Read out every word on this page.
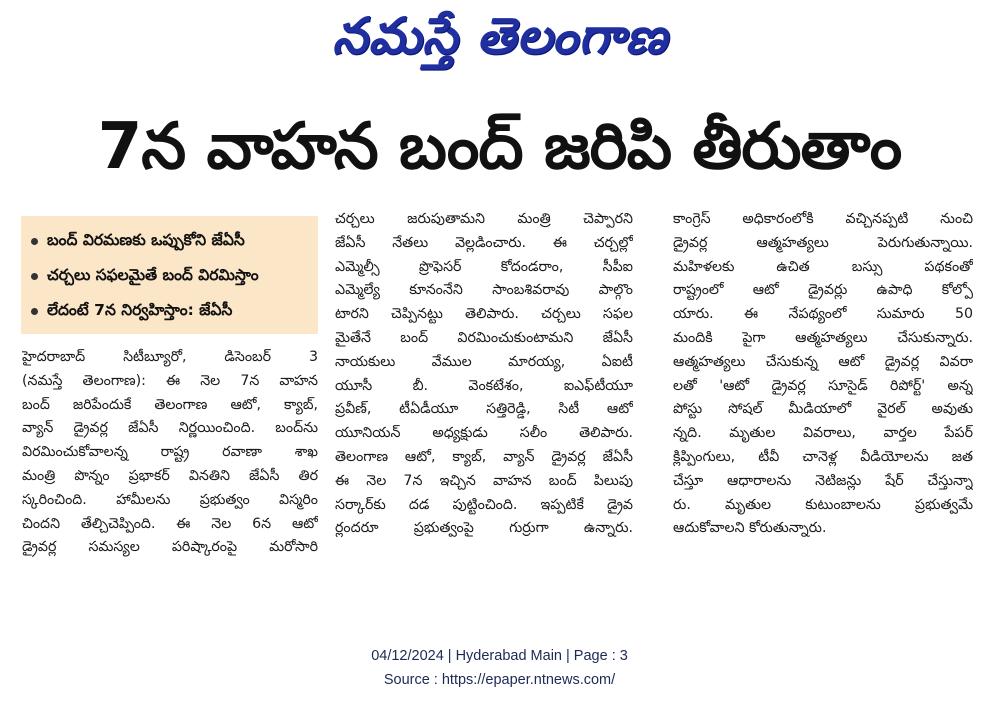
నమస్తే తెలంగాణ
7న వాహన బంద్ జరిపి తీరుతాం
బంద్ విరమణకు ఒప్పుకోని జేఏసీ
చర్చలు సఫలమైతే బంద్ విరమిస్తాం
లేదంటే 7న నిర్వహిస్తాం: జేఏసీ
హైదరాబాద్ సిటీబ్యూరో, డిసెంబర్ 3
(నమస్తే తెలంగాణ): ఈ నెల 7న వాహన
బంద్ జరిపేందుకే తెలంగాణ ఆటో, క్యాబ్,
వ్యాన్ డ్రైవర్ల జేఏసీ నిర్ణయించింది. బంద్‌ను
విరమించుకోవాలన్న రాష్ట్ర రవాణా శాఖ
మంత్రి పొన్నం ప్రభాకర్ వినతిని జేఏసీ తిర
స్కరించింది. హామీలను ప్రభుత్వం విస్మరిం
చిందని తేల్చిచెప్పింది. ఈ నెల 6న ఆటో
డ్రైవర్ల సమస్యల పరిష్కారంపై మరోసారి
చర్చలు జరుపుతామని మంత్రి చెప్పారని
జేఏసీ నేతలు వెల్లడించారు. ఈ చర్చల్లో
ఎమ్మెల్సీ ప్రొఫెసర్ కోదండరాం, సీపీఐ
ఎమ్మెల్యే కూనంనేని సాంబశివరావు పాల్గొం
టారని చెప్పినట్టు తెలిపారు. చర్చలు సఫల
మైతేనే బంద్ విరమించుకుంటామని జేఏసీ
నాయకులు వేముల మారయ్య, ఏఐటీ
యూసీ బీ. వెంకటేశం, ఐఎఫ్‌టీయూ
ప్రవీణ్, టీఏడీయూ సత్తిరెడ్డి, సిటీ ఆటో
యూనియన్ అధ్యక్షుడు సలీం తెలిపారు.
తెలంగాణ ఆటో, క్యాబ్, వ్యాన్ డ్రైవర్ల జేఏసీ
ఈ నెల 7న ఇచ్చిన వాహన బంద్ పిలుపు
సర్కార్‌కు దడ పుట్టించింది. ఇప్పటికే డ్రైవ
ర్లందరూ ప్రభుత్వంపై గుర్రుగా ఉన్నారు.
కాంగ్రెస్ అధికారంలోకి వచ్చినప్పటి నుంచి
డ్రైవర్ల ఆత్మహత్యలు పెరుగుతున్నాయి.
మహిళలకు ఉచిత బస్సు పథకంతో
రాష్ట్రంలో ఆటో డ్రైవర్లు ఉపాధి కోల్పో
యారు. ఈ నేపథ్యంలో సుమారు 50
మందికి పైగా ఆత్మహత్యలు చేసుకున్నారు.
ఆత్మహత్యలు చేసుకున్న ఆటో డ్రైవర్ల వివరా
లతో 'ఆటో డ్రైవర్ల సూసైడ్ రిపోర్ట్' అన్న
పోస్టు సోషల్ మీడియాలో వైరల్ అవుతు
న్నది. మృతుల వివరాలు, వార్తల పేపర్
క్లిప్పింగులు, టీవీ చానెళ్ల వీడియోలను జత
చేస్తూ ఆధారాలను నెటిజన్లు షేర్ చేస్తున్నా
రు. మృతుల కుటుంబాలను ప్రభుత్వమే
ఆదుకోవాలని కోరుతున్నారు.
04/12/2024 | Hyderabad Main | Page : 3
Source : https://epaper.ntnews.com/
